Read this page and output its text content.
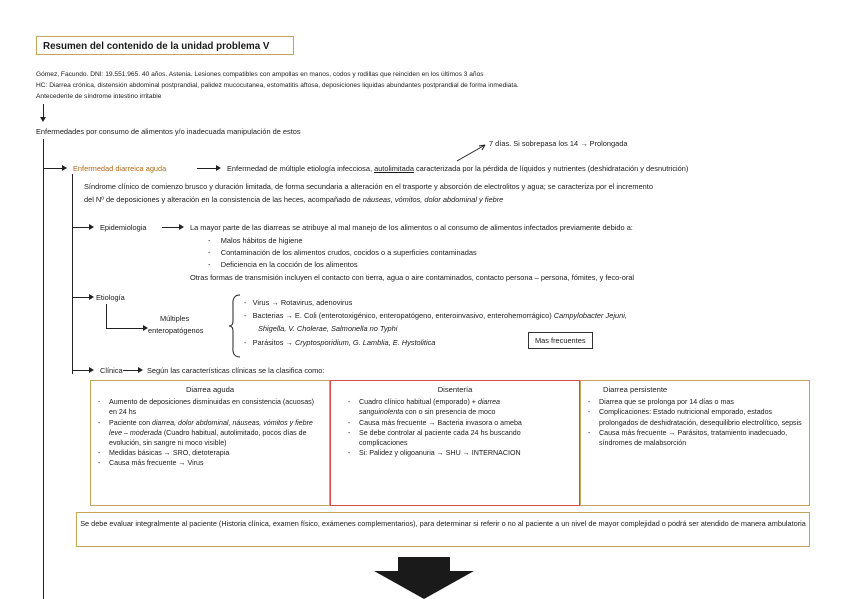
Resumen del contenido de la unidad problema V
Gómez, Facundo. DNI: 19.551.965. 40 años. Astenia. Lesiones compatibles con ampollas en manos, codos y rodillas que reinciden en los últimos 3 años
HC: Diarrea crónica, distensión abdominal postprandial, palidez mucocutanea, estomatitis aftosa, deposiciones liquidas abundantes postprandial de forma inmediata.
Antecedente de síndrome intestino irritable
Enfermedades por consumo de alimentos y/o inadecuada manipulación de estos
7 días. Si sobrepasa los 14 → Prolongada
Enfermedad diarreica aguda	Enfermedad de múltiple etiología infecciosa, autolimitada caracterizada por la pérdida de líquidos y nutrientes (deshidratación y desnutrición)
Síndrome clínico de comienzo brusco y duración limitada, de forma secundaria a alteración en el trasporte y absorción de electrolitos y agua; se caracteriza por el incremento
del Nº de deposiciones y alteración en la consistencia de las heces, acompañado de náuseas, vómitos, dolor abdominal y fiebre
Epidemiologia	La mayor parte de las diarreas se atribuye al mal manejo de los alimentos o al consumo de alimentos infectados previamente debido a:
-     Malos hábitos de higiene
-     Contaminación de los alimentos crudos, cocidos o a superficies contaminadas
-     Deficiencia en la cocción de los alimentos
Otras formas de transmisión incluyen el contacto con tierra, agua o aire contaminados, contacto persona – persona, fómites, y feco-oral
Etiología
Múltiples
enteropatógenos
-   Virus → Rotavirus, adenovirus
-   Bacterias → E. Coli (enterotoxigénico, enteropatógeno, enteroinvasivo, enterohemorrágico) Campylobacter Jejuni,
Shigella, V. Cholerae, Salmonella no Typhi
-   Parásitos → Cryptosporidium, G. Lamblia, E. Hystolitica	Mas frecuentes
Clínica	Según las características clínicas se la clasifica como:
Diarrea aguda
- Aumento de deposiciones disminuidas en consistencia (acuosas) en 24 hs
- Paciente con diarrea, dolor abdominal, náuseas, vómitos y fiebre leve – moderada (Cuadro habitual, autolimitado, pocos días de evolución, sin sangre ni moco visible)
- Medidas básicas → SRO, dietoterapia
- Causa más frecuente → Virus
Disentería
- Cuadro clínico habitual (emporado) + diarrea sanguinolenta con o sin presencia de moco
- Causa más frecuente → Bacteria invasora o ameba
- Se debe controlar al paciente cada 24 hs buscando complicaciones
- Si: Palidez y oligoanuria → SHU → INTERNACION
Diarrea persistente
- Diarrea que se prolonga por 14 días o mas
- Complicaciones: Estado nutricional emporado, estados prolongados de deshidratación, desequilibrio electrolítico, sepsis
- Causa más frecuente → Parásitos, tratamiento inadecuado, síndromes de malabsorción
Se debe evaluar integralmente al paciente (Historia clínica, examen físico, exámenes complementarios), para determinar si referir o no al paciente a un nivel de mayor complejidad o podrá ser atendido de manera ambulatoria
